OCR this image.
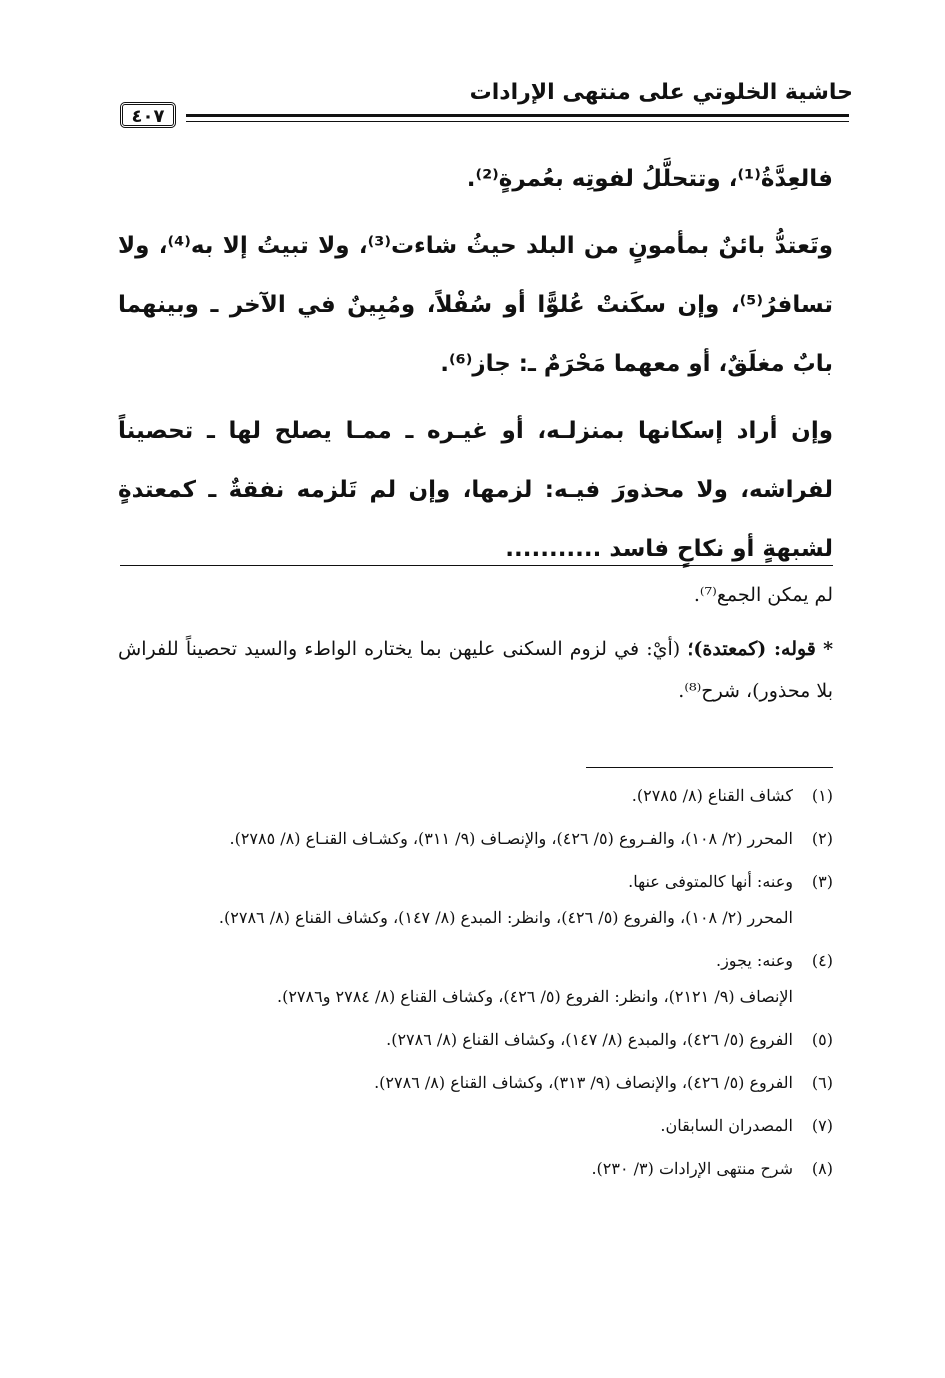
حاشية الخلوتي على منتهى الإرادات
٤٠٧

فالعِدَّةُ⁽¹⁾، وتتحلَّلُ لفوتِه بعُمرةٍ⁽²⁾.

وتَعتدُّ بائنٌ بمأمونٍ من البلد حيثُ شاءت⁽³⁾، ولا تبيتُ إلا به⁽⁴⁾، ولا تسافرُ⁽⁵⁾، وإن سكَنتْ عُلوًّا أو سُفْلاً، ومُبِينٌ في الآخر ـ وبينهما بابٌ مغلَقٌ، أو معهما مَحْرَمٌ ـ: جاز⁽⁶⁾.

وإن أراد إسكانها بمنزلـه، أو غيـره ـ ممـا يصلح لها ـ تحصيناً لفراشه، ولا محذورَ فيـه: لزمها، وإن لم تَلزمه نفقةٌ ـ كمعتدةٍ لشبهةٍ أو نكاحٍ فاسد ...........

لم يمكن الجمع⁽⁷⁾.

* قوله: (كمعتدة)؛ (أيْ: في لزوم السكنى عليهن بما يختاره الواطء والسيد تحصيناً للفراش بلا محذور)، شرح⁽⁸⁾.

(١)
كشاف القناع (٨/ ٢٧٨٥).
(٢)
المحرر (٢/ ١٠٨)، والفـروع (٥/ ٤٢٦)، والإنصـاف (٩/ ٣١١)، وكشـاف القنـاع (٨/ ٢٧٨٥).
(٣)
وعنه: أنها كالمتوفى عنها.
المحرر (٢/ ١٠٨)، والفروع (٥/ ٤٢٦)، وانظر: المبدع (٨/ ١٤٧)، وكشاف القناع (٨/ ٢٧٨٦).
(٤)
وعنه: يجوز.
الإنصاف (٩/ ٢١٢١)، وانظر: الفروع (٥/ ٤٢٦)، وكشاف القناع (٨/ ٢٧٨٤ و٢٧٨٦).
(٥)
الفروع (٥/ ٤٢٦)، والمبدع (٨/ ١٤٧)، وكشاف القناع (٨/ ٢٧٨٦).
(٦)
الفروع (٥/ ٤٢٦)، والإنصاف (٩/ ٣١٣)، وكشاف القناع (٨/ ٢٧٨٦).
(٧)
المصدران السابقان.
(٨)
شرح منتهى الإرادات (٣/ ٢٣٠).
